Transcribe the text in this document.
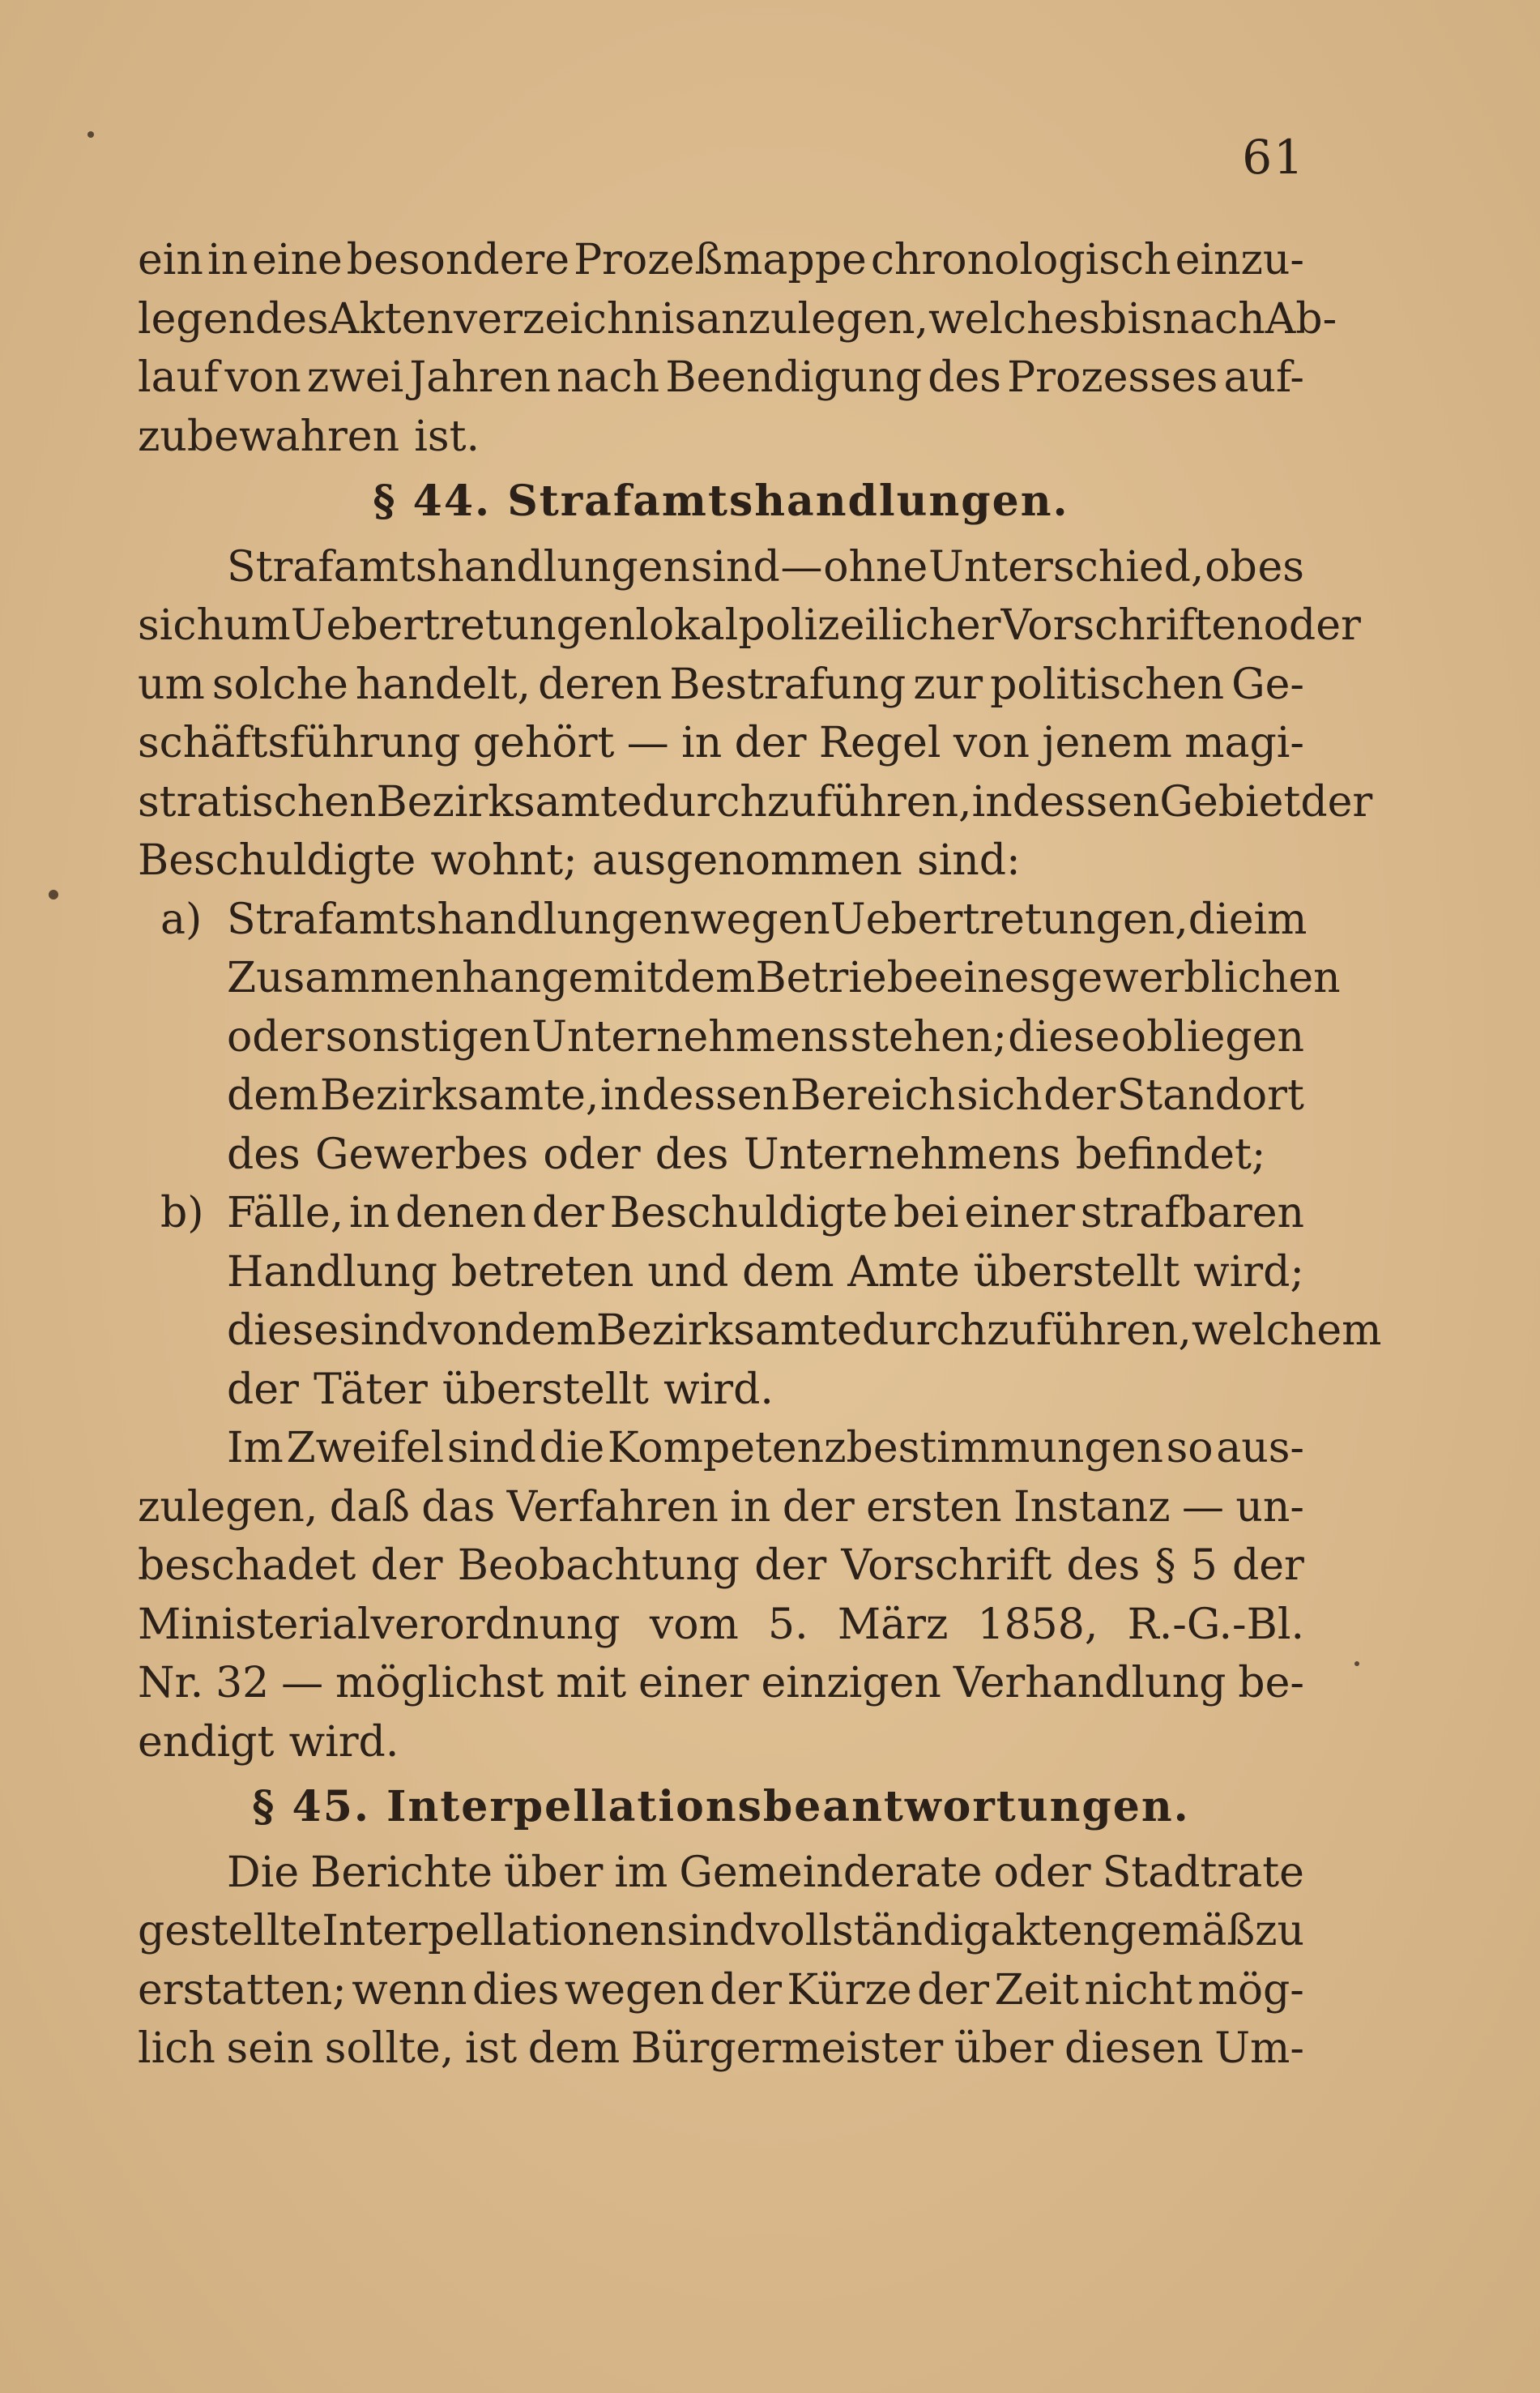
61
ein in eine besondere Prozeßmappe chronologisch einzu-
legendes Aktenverzeichnis anzulegen, welches bis nach Ab-
lauf von zwei Jahren nach Beendigung des Prozesses auf-
zubewahren ist.
§ 44. Strafamtshandlungen.
Strafamtshandlungen sind — ohne Unterschied, ob es
sich um Uebertretungen lokalpolizeilicher Vorschriften oder
um solche handelt, deren Bestrafung zur politischen Ge-
schäftsführung gehört — in der Regel von jenem magi-
stratischen Bezirksamte durchzuführen, in dessen Gebiet der
Beschuldigte wohnt; ausgenommen sind:
a) Strafamtshandlungen wegen Uebertretungen, die im
Zusammenhange mit dem Betriebe eines gewerblichen
oder sonstigen Unternehmens stehen; diese obliegen
dem Bezirksamte, in dessen Bereich sich der Standort
des Gewerbes oder des Unternehmens befindet;
b) Fälle, in denen der Beschuldigte bei einer strafbaren
Handlung betreten und dem Amte überstellt wird;
diese sind von dem Bezirksamte durchzuführen, welchem
der Täter überstellt wird.
Im Zweifel sind die Kompetenzbestimmungen so aus-
zulegen, daß das Verfahren in der ersten Instanz — un-
beschadet der Beobachtung der Vorschrift des § 5 der
Ministerialverordnung vom 5. März 1858, R.-G.-Bl.
Nr. 32 — möglichst mit einer einzigen Verhandlung be-
endigt wird.
§ 45. Interpellationsbeantwortungen.
Die Berichte über im Gemeinderate oder Stadtrate
gestellte Interpellationen sind vollständig aktengemäß zu
erstatten; wenn dies wegen der Kürze der Zeit nicht mög-
lich sein sollte, ist dem Bürgermeister über diesen Um-
